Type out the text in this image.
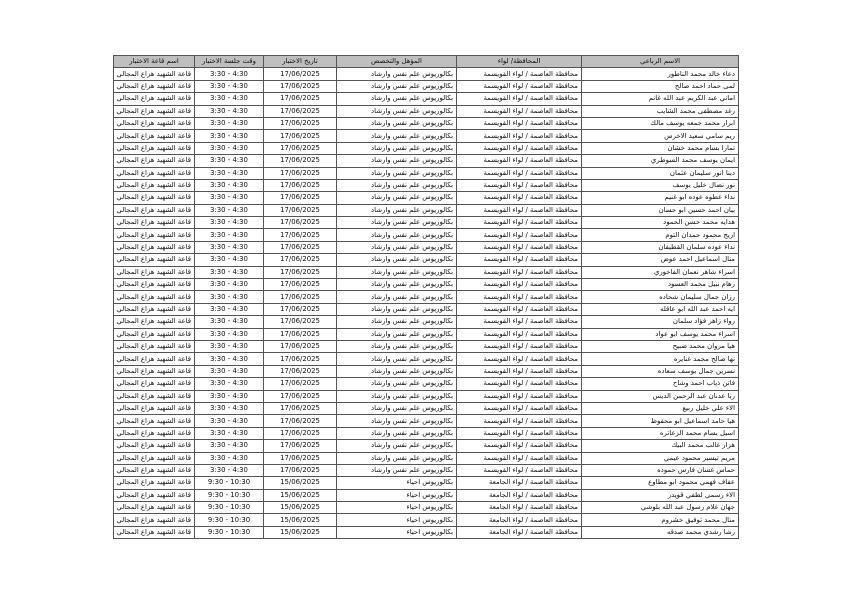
الاسم الرباعي	المحافظة/ لواء	المؤهل والتخصص	تاريخ الاختبار	وقت جلسة الاختبار	اسم قاعة الاختبار
دعاء خالد محمد الناطور	محافظة العاصمة / لواء القويسمة	بكالوريوس علم نفس وارشاد	17/06/2025	4:30 - 3:30	قاعة الشهيد هزاع المجالي
لمى حماد احمد صالح	محافظة العاصمة / لواء القويسمة	بكالوريوس علم نفس وارشاد	17/06/2025	4:30 - 3:30	قاعة الشهيد هزاع المجالي
اماني عبد الكريم عبد الله غانم	محافظة العاصمة / لواء القويسمة	بكالوريوس علم نفس وارشاد	17/06/2025	4:30 - 3:30	قاعة الشهيد هزاع المجالي
رغد مصطفى محمد الشايب	محافظة العاصمة / لواء القويسمة	بكالوريوس علم نفس وارشاد	17/06/2025	4:30 - 3:30	قاعة الشهيد هزاع المجالي
ابرار محمد جمعه يوسف مالك	محافظة العاصمة / لواء القويسمة	بكالوريوس علم نفس وارشاد	17/06/2025	4:30 - 3:30	قاعة الشهيد هزاع المجالي
ريم سامي سعيد الاخرس	محافظة العاصمة / لواء القويسمة	بكالوريوس علم نفس وارشاد	17/06/2025	4:30 - 3:30	قاعة الشهيد هزاع المجالي
تمارا بسام محمد خشان	محافظة العاصمة / لواء القويسمة	بكالوريوس علم نفس وارشاد	17/06/2025	4:30 - 3:30	قاعة الشهيد هزاع المجالي
ايمان يوسف محمد السوطري	محافظة العاصمة / لواء القويسمة	بكالوريوس علم نفس وارشاد	17/06/2025	4:30 - 3:30	قاعة الشهيد هزاع المجالي
دينا انور سليمان عثمان	محافظة العاصمة / لواء القويسمة	بكالوريوس علم نفس وارشاد	17/06/2025	4:30 - 3:30	قاعة الشهيد هزاع المجالي
نور نضال خليل يوسف	محافظة العاصمة / لواء القويسمة	بكالوريوس علم نفس وارشاد	17/06/2025	4:30 - 3:30	قاعة الشهيد هزاع المجالي
نداء عطوه عوده ابو غنيم	محافظة العاصمة / لواء القويسمة	بكالوريوس علم نفس وارشاد	17/06/2025	4:30 - 3:30	قاعة الشهيد هزاع المجالي
بيان احمد حسين ابو حسان	محافظة العاصمة / لواء القويسمة	بكالوريوس علم نفس وارشاد	17/06/2025	4:30 - 3:30	قاعة الشهيد هزاع المجالي
هدايه محمد حسن الحمود	محافظة العاصمة / لواء القويسمة	بكالوريوس علم نفس وارشاد	17/06/2025	4:30 - 3:30	قاعة الشهيد هزاع المجالي
اريج محمود حمدان التوم	محافظة العاصمة / لواء القويسمة	بكالوريوس علم نفس وارشاد	17/06/2025	4:30 - 3:30	قاعة الشهيد هزاع المجالي
نداء عوده سلمان القطيفان	محافظة العاصمة / لواء القويسمة	بكالوريوس علم نفس وارشاد	17/06/2025	4:30 - 3:30	قاعة الشهيد هزاع المجالي
منال اسماعيل احمد عوض	محافظة العاصمة / لواء القويسمة	بكالوريوس علم نفس وارشاد	17/06/2025	4:30 - 3:30	قاعة الشهيد هزاع المجالي
اسراء شاهر نعمان الفاخوري	محافظة العاصمة / لواء القويسمة	بكالوريوس علم نفس وارشاد	17/06/2025	4:30 - 3:30	قاعة الشهيد هزاع المجالي
رهام نبيل محمد العسود	محافظة العاصمة / لواء القويسمة	بكالوريوس علم نفس وارشاد	17/06/2025	4:30 - 3:30	قاعة الشهيد هزاع المجالي
رزان جمال سليمان شحاده	محافظة العاصمة / لواء القويسمة	بكالوريوس علم نفس وارشاد	17/06/2025	4:30 - 3:30	قاعة الشهيد هزاع المجالي
ايه احمد عبد الله ابو عاقله	محافظة العاصمة / لواء القويسمة	بكالوريوس علم نفس وارشاد	17/06/2025	4:30 - 3:30	قاعة الشهيد هزاع المجالي
رواء زاهر فؤاد سلمان	محافظة العاصمة / لواء القويسمة	بكالوريوس علم نفس وارشاد	17/06/2025	4:30 - 3:30	قاعة الشهيد هزاع المجالي
اسراء محمد يوسف ابو عواد	محافظة العاصمة / لواء القويسمة	بكالوريوس علم نفس وارشاد	17/06/2025	4:30 - 3:30	قاعة الشهيد هزاع المجالي
هيا مروان محمد صبيح	محافظة العاصمة / لواء القويسمة	بكالوريوس علم نفس وارشاد	17/06/2025	4:30 - 3:30	قاعة الشهيد هزاع المجالي
نها صالح محمد غنايره	محافظة العاصمة / لواء القويسمة	بكالوريوس علم نفس وارشاد	17/06/2025	4:30 - 3:30	قاعة الشهيد هزاع المجالي
نسرين جمال يوسف سعاده	محافظة العاصمة / لواء القويسمة	بكالوريوس علم نفس وارشاد	17/06/2025	4:30 - 3:30	قاعة الشهيد هزاع المجالي
فاتن ذياب احمد وشاح	محافظة العاصمة / لواء القويسمة	بكالوريوس علم نفس وارشاد	17/06/2025	4:30 - 3:30	قاعة الشهيد هزاع المجالي
ربا عدنان عبد الرحمن الديس	محافظة العاصمة / لواء القويسمة	بكالوريوس علم نفس وارشاد	17/06/2025	4:30 - 3:30	قاعة الشهيد هزاع المجالي
الاء علي خليل ربيع	محافظة العاصمة / لواء القويسمة	بكالوريوس علم نفس وارشاد	17/06/2025	4:30 - 3:30	قاعة الشهيد هزاع المجالي
هيا حامد اسماعيل ابو محفوظ	محافظة العاصمة / لواء القويسمة	بكالوريوس علم نفس وارشاد	17/06/2025	4:30 - 3:30	قاعة الشهيد هزاع المجالي
اسيل بسام محمد الزعاتره	محافظة العاصمة / لواء القويسمة	بكالوريوس علم نفس وارشاد	17/06/2025	4:30 - 3:30	قاعة الشهيد هزاع المجالي
هزار غالب محمد البيك	محافظة العاصمة / لواء القويسمة	بكالوريوس علم نفس وارشاد	17/06/2025	4:30 - 3:30	قاعة الشهيد هزاع المجالي
مريم تيسير محمود عيمي	محافظة العاصمة / لواء القويسمة	بكالوريوس علم نفس وارشاد	17/06/2025	4:30 - 3:30	قاعة الشهيد هزاع المجالي
حماس غسان فارس حموده	محافظة العاصمة / لواء القويسمة	بكالوريوس علم نفس وارشاد	17/06/2025	4:30 - 3:30	قاعة الشهيد هزاع المجالي
عفاف فهمي محمود ابو مطاوع	محافظة العاصمة / لواء الجامعة	بكالوريوس احياء	15/06/2025	10:30 - 9:30	قاعة الشهيد هزاع المجالي
الاء رسمي لطفي قويدر	محافظة العاصمة / لواء الجامعة	بكالوريوس احياء	15/06/2025	10:30 - 9:30	قاعة الشهيد هزاع المجالي
جهان غلام رسول عبد الله بلوشي	محافظة العاصمة / لواء الجامعة	بكالوريوس احياء	15/06/2025	10:30 - 9:30	قاعة الشهيد هزاع المجالي
منال محمد توفيق خشروم	محافظة العاصمة / لواء الجامعة	بكالوريوس احياء	15/06/2025	10:30 - 9:30	قاعة الشهيد هزاع المجالي
رشا رشدي محمد صدقه	محافظة العاصمة / لواء الجامعة	بكالوريوس احياء	15/06/2025	10:30 - 9:30	قاعة الشهيد هزاع المجالي
